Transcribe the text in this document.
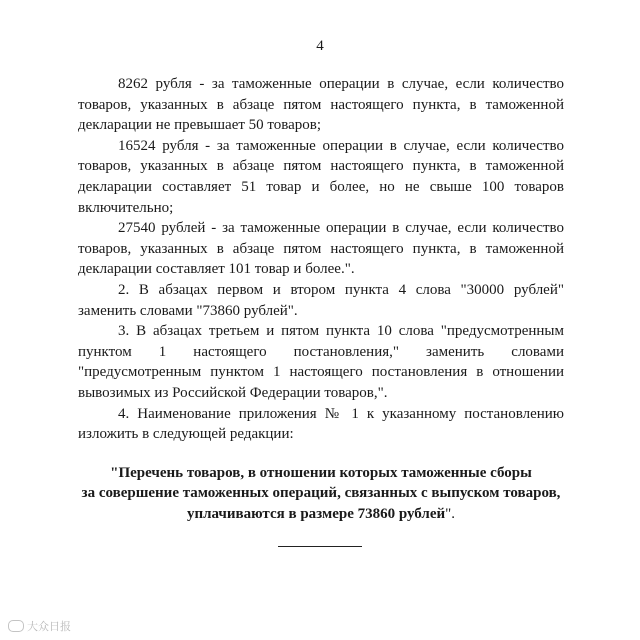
4

8262 рубля - за таможенные операции в случае, если количество товаров, указанных в абзаце пятом настоящего пункта, в таможенной декларации не превышает 50 товаров;

16524 рубля - за таможенные операции в случае, если количество товаров, указанных в абзаце пятом настоящего пункта, в таможенной декларации составляет 51 товар и более, но не свыше 100 товаров включительно;

27540 рублей - за таможенные операции в случае, если количество товаров, указанных в абзаце пятом настоящего пункта, в таможенной декларации составляет 101 товар и более.".

2. В абзацах первом и втором пункта 4 слова "30000 рублей" заменить словами "73860 рублей".

3. В абзацах третьем и пятом пункта 10 слова "предусмотренным пунктом 1 настоящего постановления," заменить словами "предусмотренным пунктом 1 настоящего постановления в отношении вывозимых из Российской Федерации товаров,".

4. Наименование приложения № 1 к указанному постановлению изложить в следующей редакции:

"Перечень товаров, в отношении которых таможенные сборы
за совершение таможенных операций, связанных с выпуском товаров,
уплачиваются в размере 73860 рублей".
大众日报
